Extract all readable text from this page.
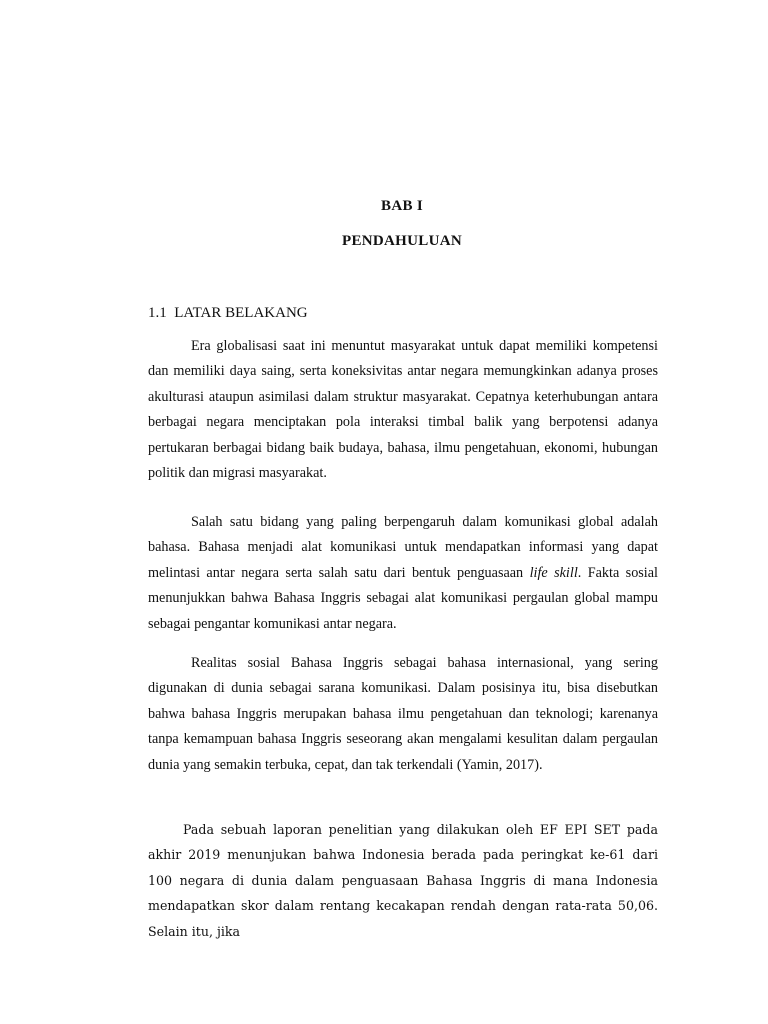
BAB I
PENDAHULUAN
1.1  LATAR BELAKANG

Era globalisasi saat ini menuntut masyarakat untuk dapat memiliki kompetensi dan memiliki daya saing, serta koneksivitas antar negara memungkinkan adanya proses akulturasi ataupun asimilasi dalam struktur masyarakat. Cepatnya keterhubungan antara berbagai negara menciptakan pola interaksi timbal balik yang berpotensi adanya pertukaran berbagai bidang baik budaya, bahasa, ilmu pengetahuan, ekonomi, hubungan politik dan migrasi masyarakat.

Salah satu bidang yang paling berpengaruh dalam komunikasi global adalah bahasa. Bahasa menjadi alat komunikasi untuk mendapatkan informasi yang dapat melintasi antar negara serta salah satu dari bentuk penguasaan life skill. Fakta sosial menunjukkan bahwa Bahasa Inggris sebagai alat komunikasi pergaulan global mampu sebagai pengantar komunikasi antar negara.

Realitas sosial Bahasa Inggris sebagai bahasa internasional, yang sering digunakan di dunia sebagai sarana komunikasi. Dalam posisinya itu, bisa disebutkan bahwa bahasa Inggris merupakan bahasa ilmu pengetahuan dan teknologi; karenanya tanpa kemampuan bahasa Inggris seseorang akan mengalami kesulitan dalam pergaulan dunia yang semakin terbuka, cepat, dan tak terkendali (Yamin, 2017).

Pada sebuah laporan penelitian yang dilakukan oleh EF EPI SET pada akhir 2019 menunjukan bahwa Indonesia berada pada peringkat ke-61 dari 100 negara di dunia dalam penguasaan Bahasa Inggris di mana Indonesia mendapatkan skor dalam rentang kecakapan rendah dengan rata-rata 50,06. Selain itu, jika
